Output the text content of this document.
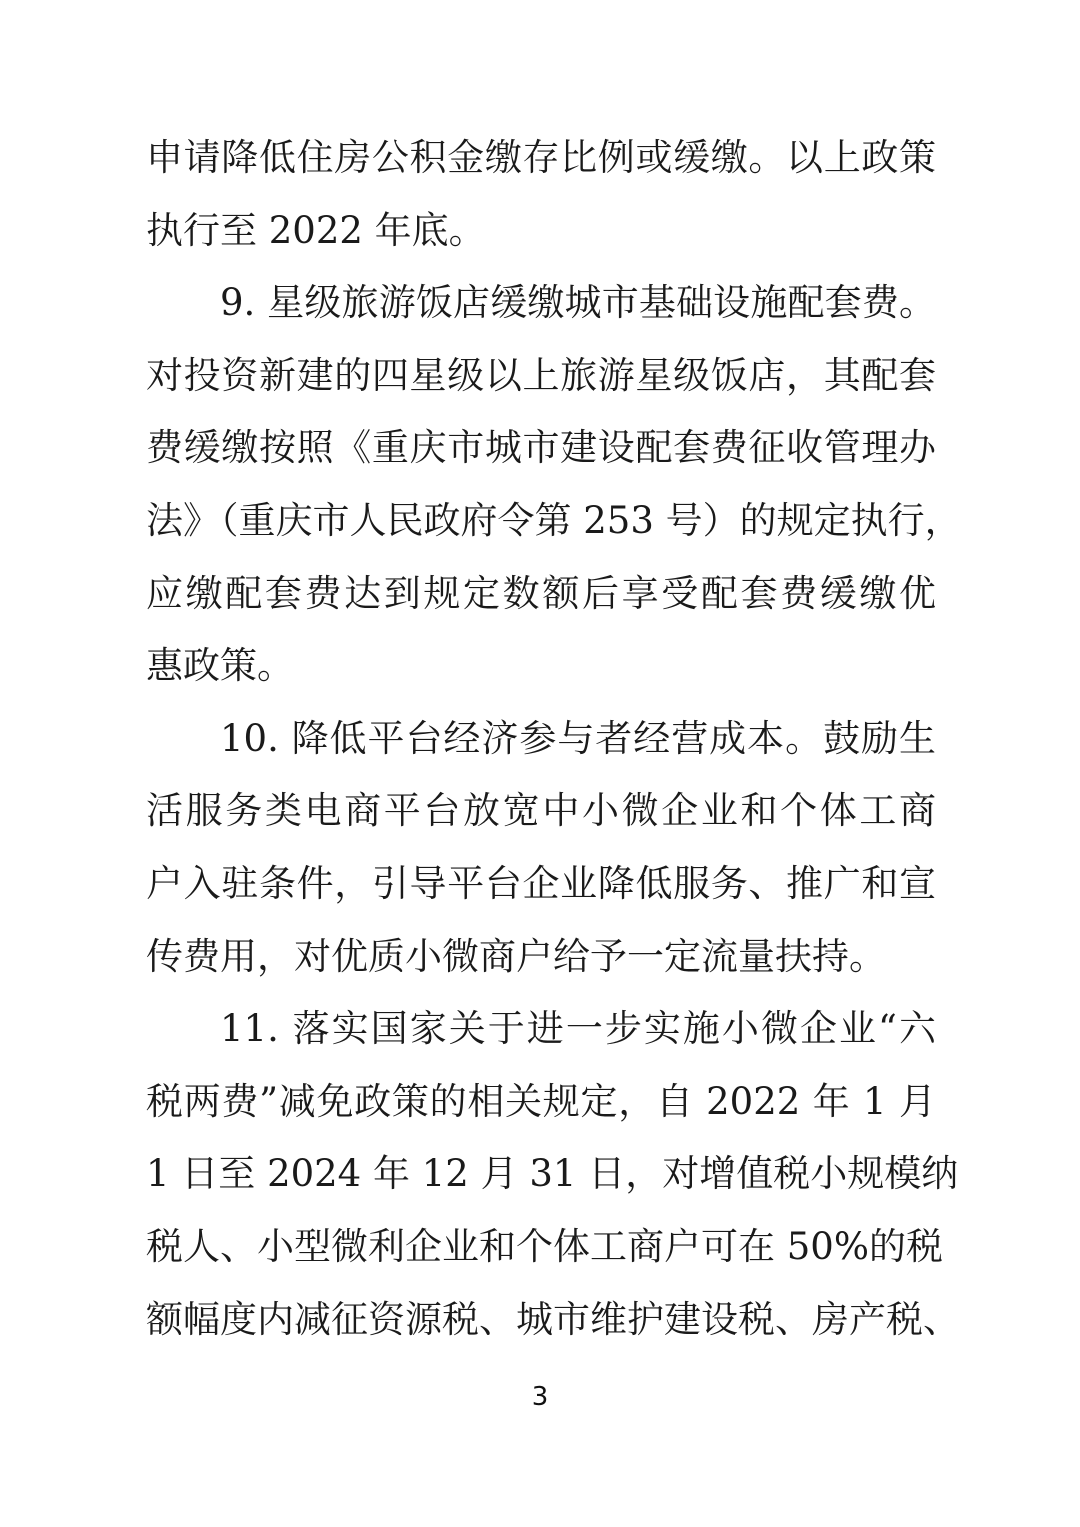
申请降低住房公积金缴存比例或缓缴。以上政策
执行至 2022 年底。
9. 星级旅游饭店缓缴城市基础设施配套费。
对投资新建的四星级以上旅游星级饭店，其配套
费缓缴按照《重庆市城市建设配套费征收管理办
法》（重庆市人民政府令第 253 号）的规定执行，
应缴配套费达到规定数额后享受配套费缓缴优
惠政策。
10. 降低平台经济参与者经营成本。鼓励生
活服务类电商平台放宽中小微企业和个体工商
户入驻条件，引导平台企业降低服务、推广和宣
传费用，对优质小微商户给予一定流量扶持。
11. 落实国家关于进一步实施小微企业“六
税两费”减免政策的相关规定，自 2022 年 1 月
1 日至 2024 年 12 月 31 日，对增值税小规模纳
税人、小型微利企业和个体工商户可在 50%的税
额幅度内减征资源税、城市维护建设税、房产税、
3
